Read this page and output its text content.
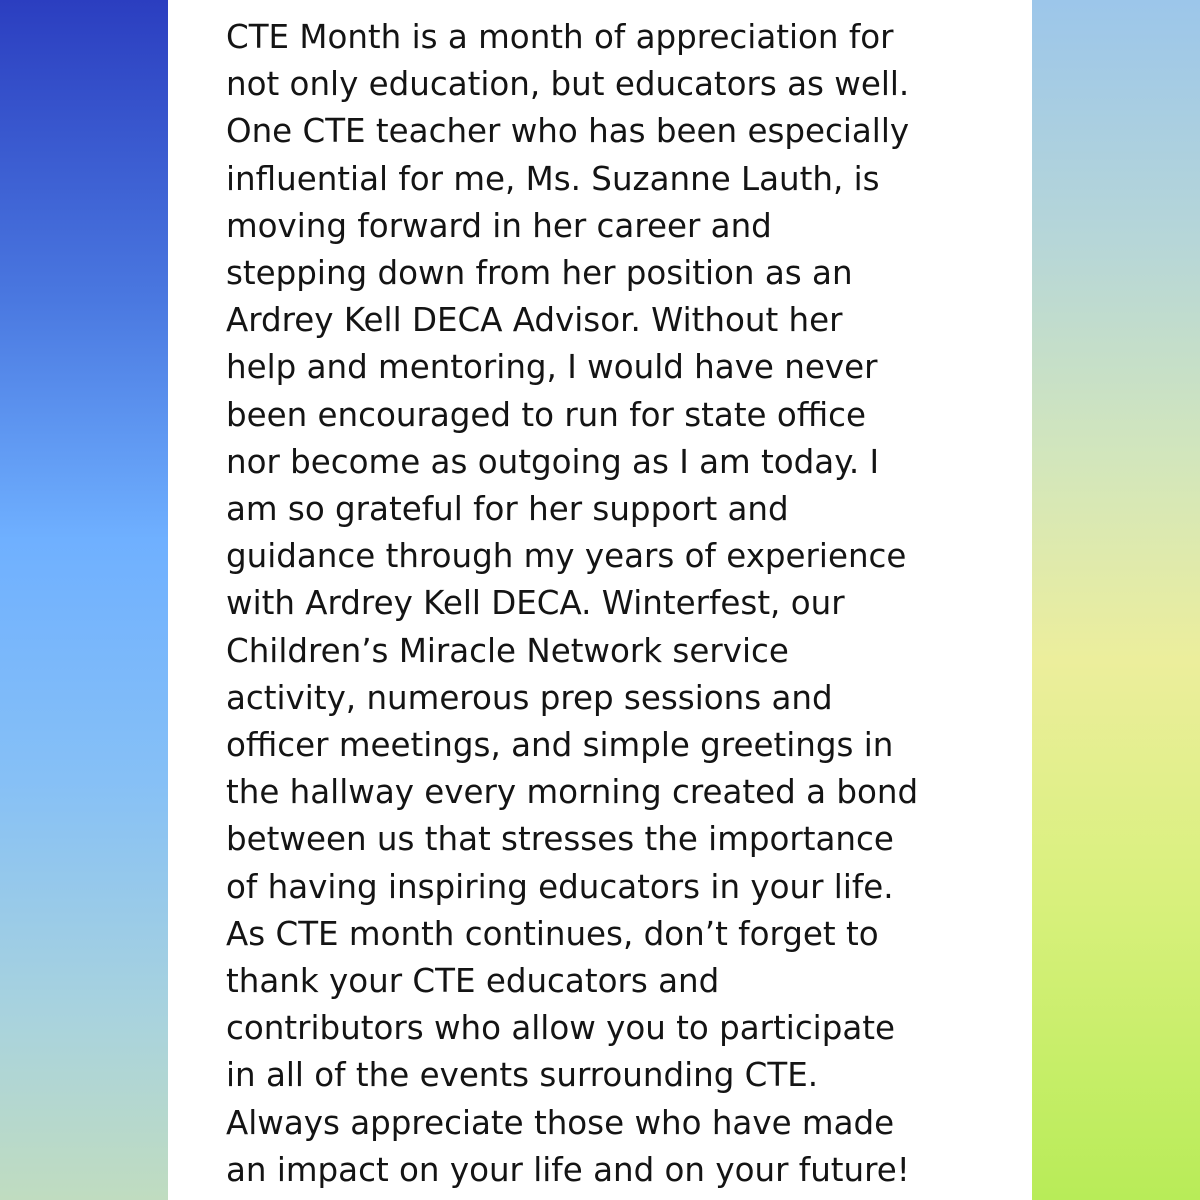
CTE Month is a month of appreciation for
not only education, but educators as well.
One CTE teacher who has been especially
influential for me, Ms. Suzanne Lauth, is
moving forward in her career and
stepping down from her position as an
Ardrey Kell DECA Advisor. Without her
help and mentoring, I would have never
been encouraged to run for state office
nor become as outgoing as I am today. I
am so grateful for her support and
guidance through my years of experience
with Ardrey Kell DECA. Winterfest, our
Children’s Miracle Network service
activity, numerous prep sessions and
officer meetings, and simple greetings in
the hallway every morning created a bond
between us that stresses the importance
of having inspiring educators in your life.
As CTE month continues, don’t forget to
thank your CTE educators and
contributors who allow you to participate
in all of the events surrounding CTE.
Always appreciate those who have made
an impact on your life and on your future!
